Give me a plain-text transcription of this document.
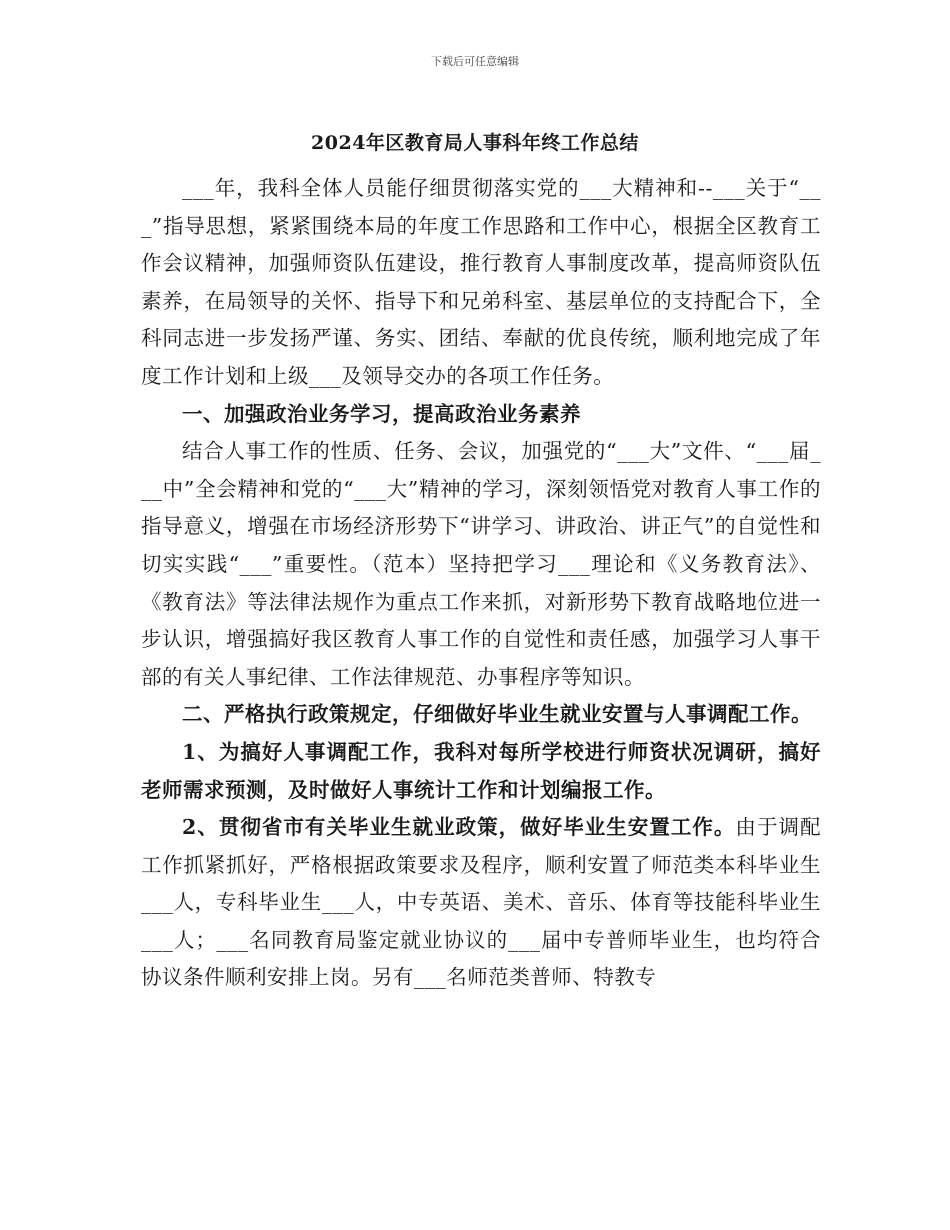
下载后可任意编辑
2024年区教育局人事科年终工作总结

___年，我科全体人员能仔细贯彻落实党的___大精神和--___关于“___”指导思想，紧紧围绕本局的年度工作思路和工作中心，根据全区教育工作会议精神，加强师资队伍建设，推行教育人事制度改革，提高师资队伍素养，在局领导的关怀、指导下和兄弟科室、基层单位的支持配合下，全科同志进一步发扬严谨、务实、团结、奉献的优良传统，顺利地完成了年度工作计划和上级___及领导交办的各项工作任务。

一、加强政治业务学习，提高政治业务素养

结合人事工作的性质、任务、会议，加强党的“___大”文件、“___届___中”全会精神和党的“___大”精神的学习，深刻领悟党对教育人事工作的指导意义，增强在市场经济形势下“讲学习、讲政治、讲正气”的自觉性和切实实践“___”重要性。（范本）坚持把学习___理论和《义务教育法》、《教育法》等法律法规作为重点工作来抓，对新形势下教育战略地位进一步认识，增强搞好我区教育人事工作的自觉性和责任感，加强学习人事干部的有关人事纪律、工作法律规范、办事程序等知识。

二、严格执行政策规定，仔细做好毕业生就业安置与人事调配工作。

1、为搞好人事调配工作，我科对每所学校进行师资状况调研，搞好老师需求预测，及时做好人事统计工作和计划编报工作。

2、贯彻省市有关毕业生就业政策，做好毕业生安置工作。由于调配工作抓紧抓好，严格根据政策要求及程序，顺利安置了师范类本科毕业生___人，专科毕业生___人，中专英语、美术、音乐、体育等技能科毕业生___人；___名同教育局鉴定就业协议的___届中专普师毕业生，也均符合协议条件顺利安排上岗。另有___名师范类普师、特教专
